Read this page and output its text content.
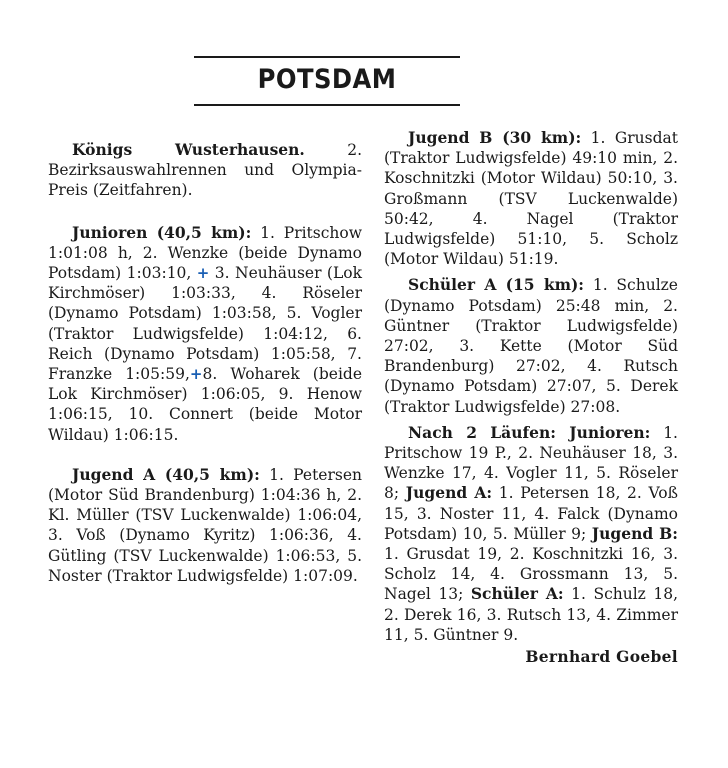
POTSDAM

Königs Wusterhausen. 2. Bezirksauswahlrennen und Olympia-Preis (Zeitfahren).

Junioren (40,5 km): 1. Pritschow 1:01:08 h, 2. Wenzke (beide Dynamo Potsdam) 1:03:10, + 3. Neuhäuser (Lok Kirchmöser) 1:03:33, 4. Röseler (Dynamo Potsdam) 1:03:58, 5. Vogler (Traktor Ludwigsfelde) 1:04:12, 6. Reich (Dynamo Potsdam) 1:05:58, 7. Franzke 1:05:59,+8. Woharek (beide Lok Kirchmöser) 1:06:05, 9. Henow 1:06:15, 10. Connert (beide Motor Wildau) 1:06:15.

Jugend A (40,5 km): 1. Petersen (Motor Süd Brandenburg) 1:04:36 h, 2. Kl. Müller (TSV Luckenwalde) 1:06:04, 3. Voß (Dynamo Kyritz) 1:06:36, 4. Gütling (TSV Luckenwalde) 1:06:53, 5. Noster (Traktor Ludwigsfelde) 1:07:09.

Jugend B (30 km): 1. Grusdat (Traktor Ludwigsfelde) 49:10 min, 2. Koschnitzki (Motor Wildau) 50:10, 3. Großmann (TSV Luckenwalde) 50:42, 4. Nagel (Traktor Ludwigsfelde) 51:10, 5. Scholz (Motor Wildau) 51:19.

Schüler A (15 km): 1. Schulze (Dynamo Potsdam) 25:48 min, 2. Güntner (Traktor Ludwigsfelde) 27:02, 3. Kette (Motor Süd Brandenburg) 27:02, 4. Rutsch (Dynamo Potsdam) 27:07, 5. Derek (Traktor Ludwigsfelde) 27:08.

Nach 2 Läufen: Junioren: 1. Pritschow 19 P., 2. Neuhäuser 18, 3. Wenzke 17, 4. Vogler 11, 5. Röseler 8; Jugend A: 1. Petersen 18, 2. Voß 15, 3. Noster 11, 4. Falck (Dynamo Potsdam) 10, 5. Müller 9; Jugend B: 1. Grusdat 19, 2. Koschnitzki 16, 3. Scholz 14, 4. Grossmann 13, 5. Nagel 13; Schüler A: 1. Schulz 18, 2. Derek 16, 3. Rutsch 13, 4. Zimmer 11, 5. Güntner 9.

Bernhard Goebel
